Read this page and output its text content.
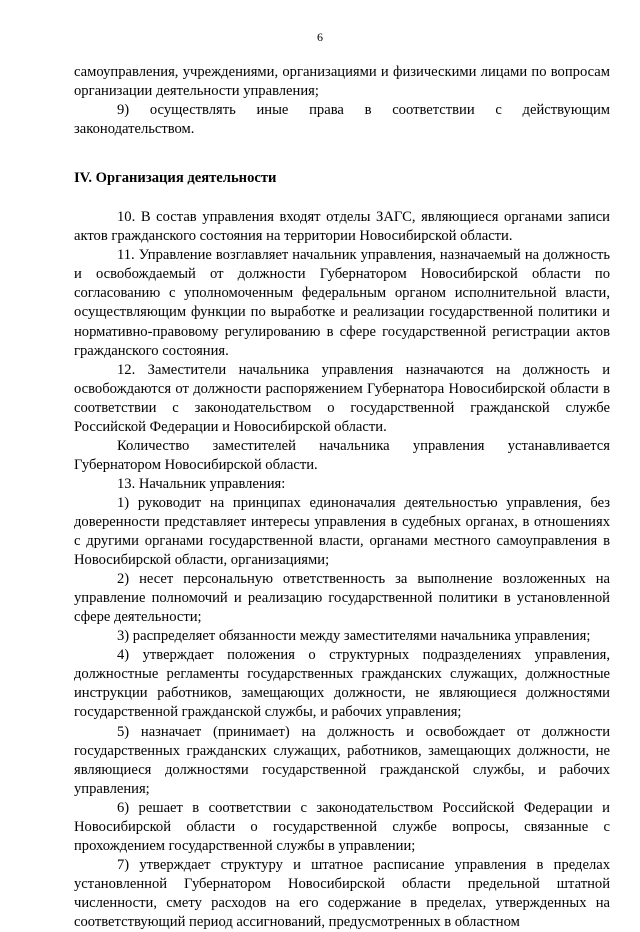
6

самоуправления, учреждениями, организациями и физическими лицами по вопросам организации деятельности управления;

9) осуществлять иные права в соответствии с действующим законодательством.

IV. Организация деятельности

10. В состав управления входят отделы ЗАГС, являющиеся органами записи актов гражданского состояния на территории Новосибирской области.

11. Управление возглавляет начальник управления, назначаемый на должность и освобождаемый от должности Губернатором Новосибирской области по согласованию с уполномоченным федеральным органом исполнительной власти, осуществляющим функции по выработке и реализации государственной политики и нормативно-правовому регулированию в сфере государственной регистрации актов гражданского состояния.

12. Заместители начальника управления назначаются на должность и освобождаются от должности распоряжением Губернатора Новосибирской области в соответствии с законодательством о государственной гражданской службе Российской Федерации и Новосибирской области.

Количество заместителей начальника управления устанавливается Губернатором Новосибирской области.

13. Начальник управления:

1) руководит на принципах единоначалия деятельностью управления, без доверенности представляет интересы управления в судебных органах, в отношениях с другими органами государственной власти, органами местного самоуправления в Новосибирской области, организациями;

2) несет персональную ответственность за выполнение возложенных на управление полномочий и реализацию государственной политики в установленной сфере деятельности;

3) распределяет обязанности между заместителями начальника управления;

4) утверждает положения о структурных подразделениях управления, должностные регламенты государственных гражданских служащих, должностные инструкции работников, замещающих должности, не являющиеся должностями государственной гражданской службы, и рабочих управления;

5) назначает (принимает) на должность и освобождает от должности государственных гражданских служащих, работников, замещающих должности, не являющиеся должностями государственной гражданской службы, и рабочих управления;

6) решает в соответствии с законодательством Российской Федерации и Новосибирской области о государственной службе вопросы, связанные с прохождением государственной службы в управлении;

7) утверждает структуру и штатное расписание управления в пределах установленной Губернатором Новосибирской области предельной штатной численности, смету расходов на его содержание в пределах, утвержденных на соответствующий период ассигнований, предусмотренных в областном
